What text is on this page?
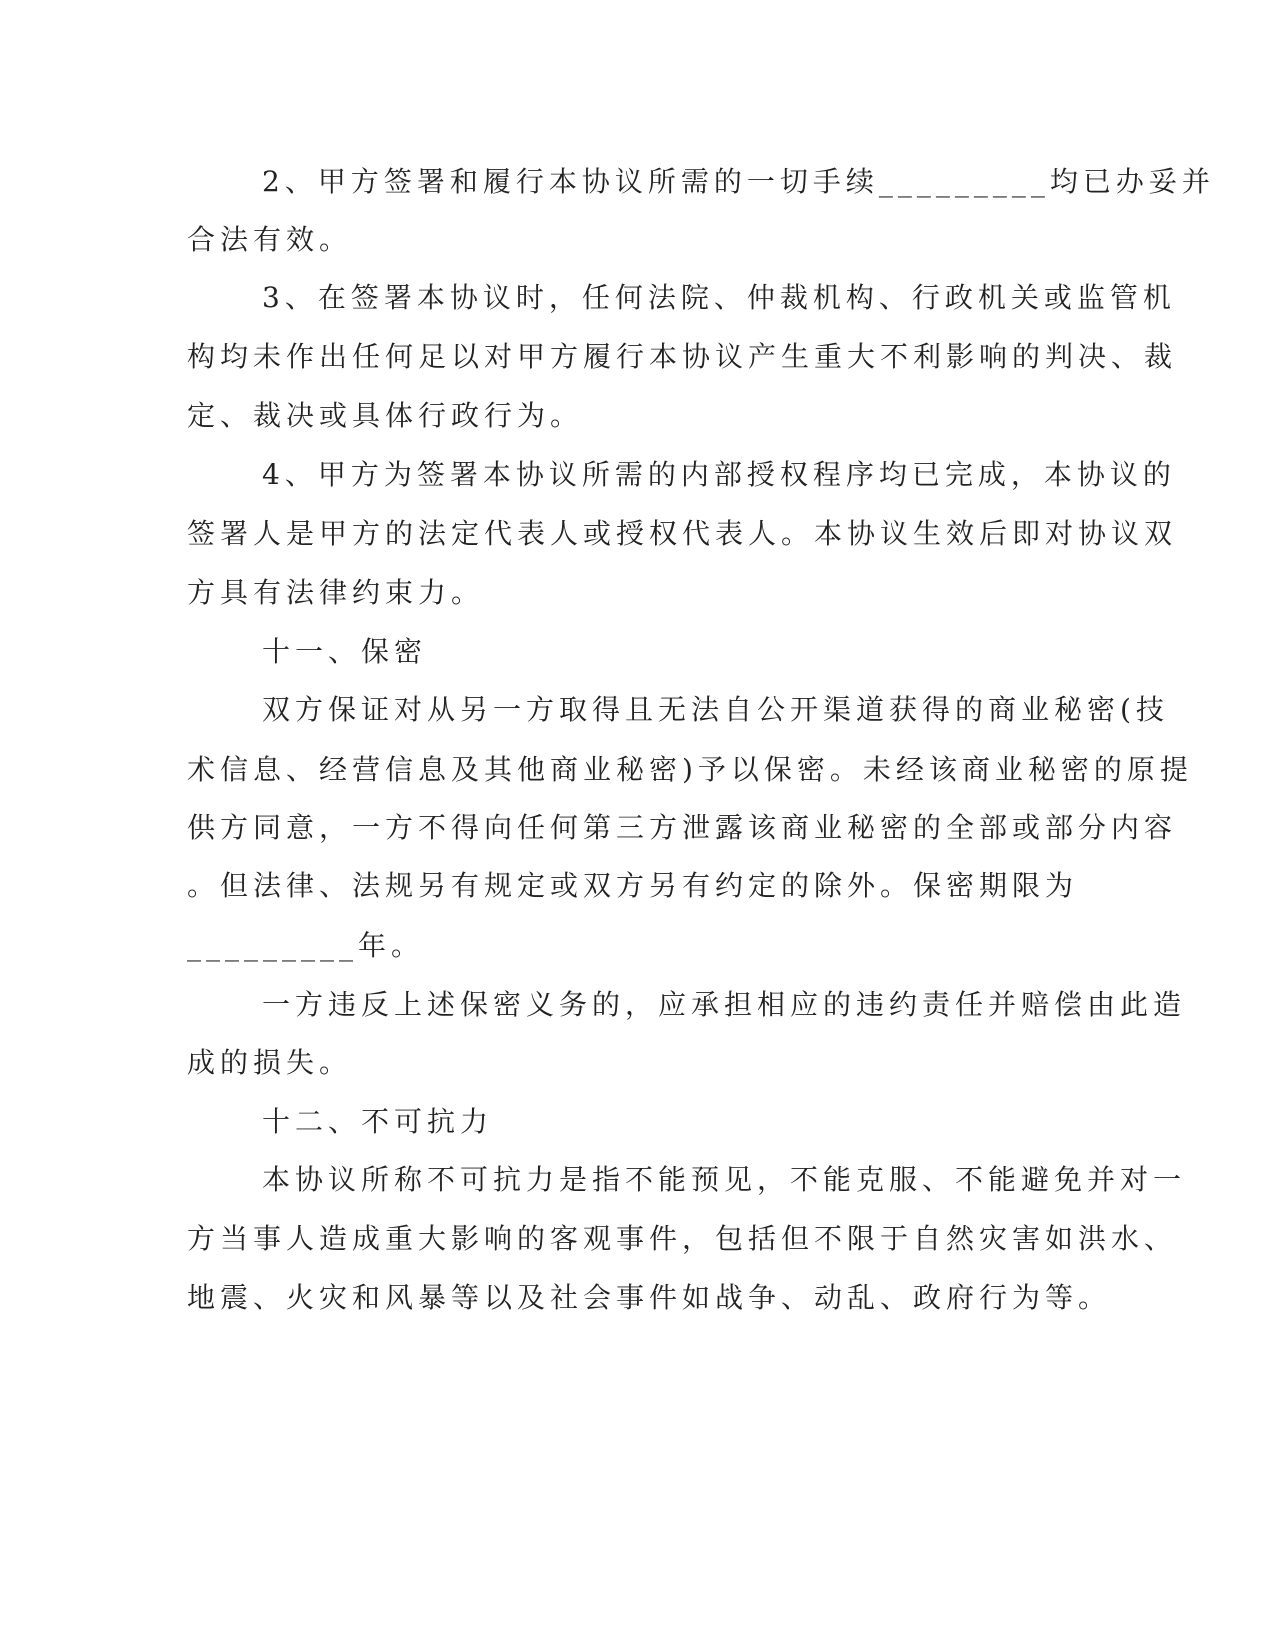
2、甲方签署和履行本协议所需的一切手续_________均已办妥并

合法有效。

3、在签署本协议时，任何法院、仲裁机构、行政机关或监管机

构均未作出任何足以对甲方履行本协议产生重大不利影响的判决、裁

定、裁决或具体行政行为。

4、甲方为签署本协议所需的内部授权程序均已完成，本协议的

签署人是甲方的法定代表人或授权代表人。本协议生效后即对协议双

方具有法律约束力。

十一、保密

双方保证对从另一方取得且无法自公开渠道获得的商业秘密(技

术信息、经营信息及其他商业秘密)予以保密。未经该商业秘密的原提

供方同意，一方不得向任何第三方泄露该商业秘密的全部或部分内容

。但法律、法规另有规定或双方另有约定的除外。保密期限为

_________年。

一方违反上述保密义务的，应承担相应的违约责任并赔偿由此造

成的损失。

十二、不可抗力

本协议所称不可抗力是指不能预见，不能克服、不能避免并对一

方当事人造成重大影响的客观事件，包括但不限于自然灾害如洪水、

地震、火灾和风暴等以及社会事件如战争、动乱、政府行为等。
